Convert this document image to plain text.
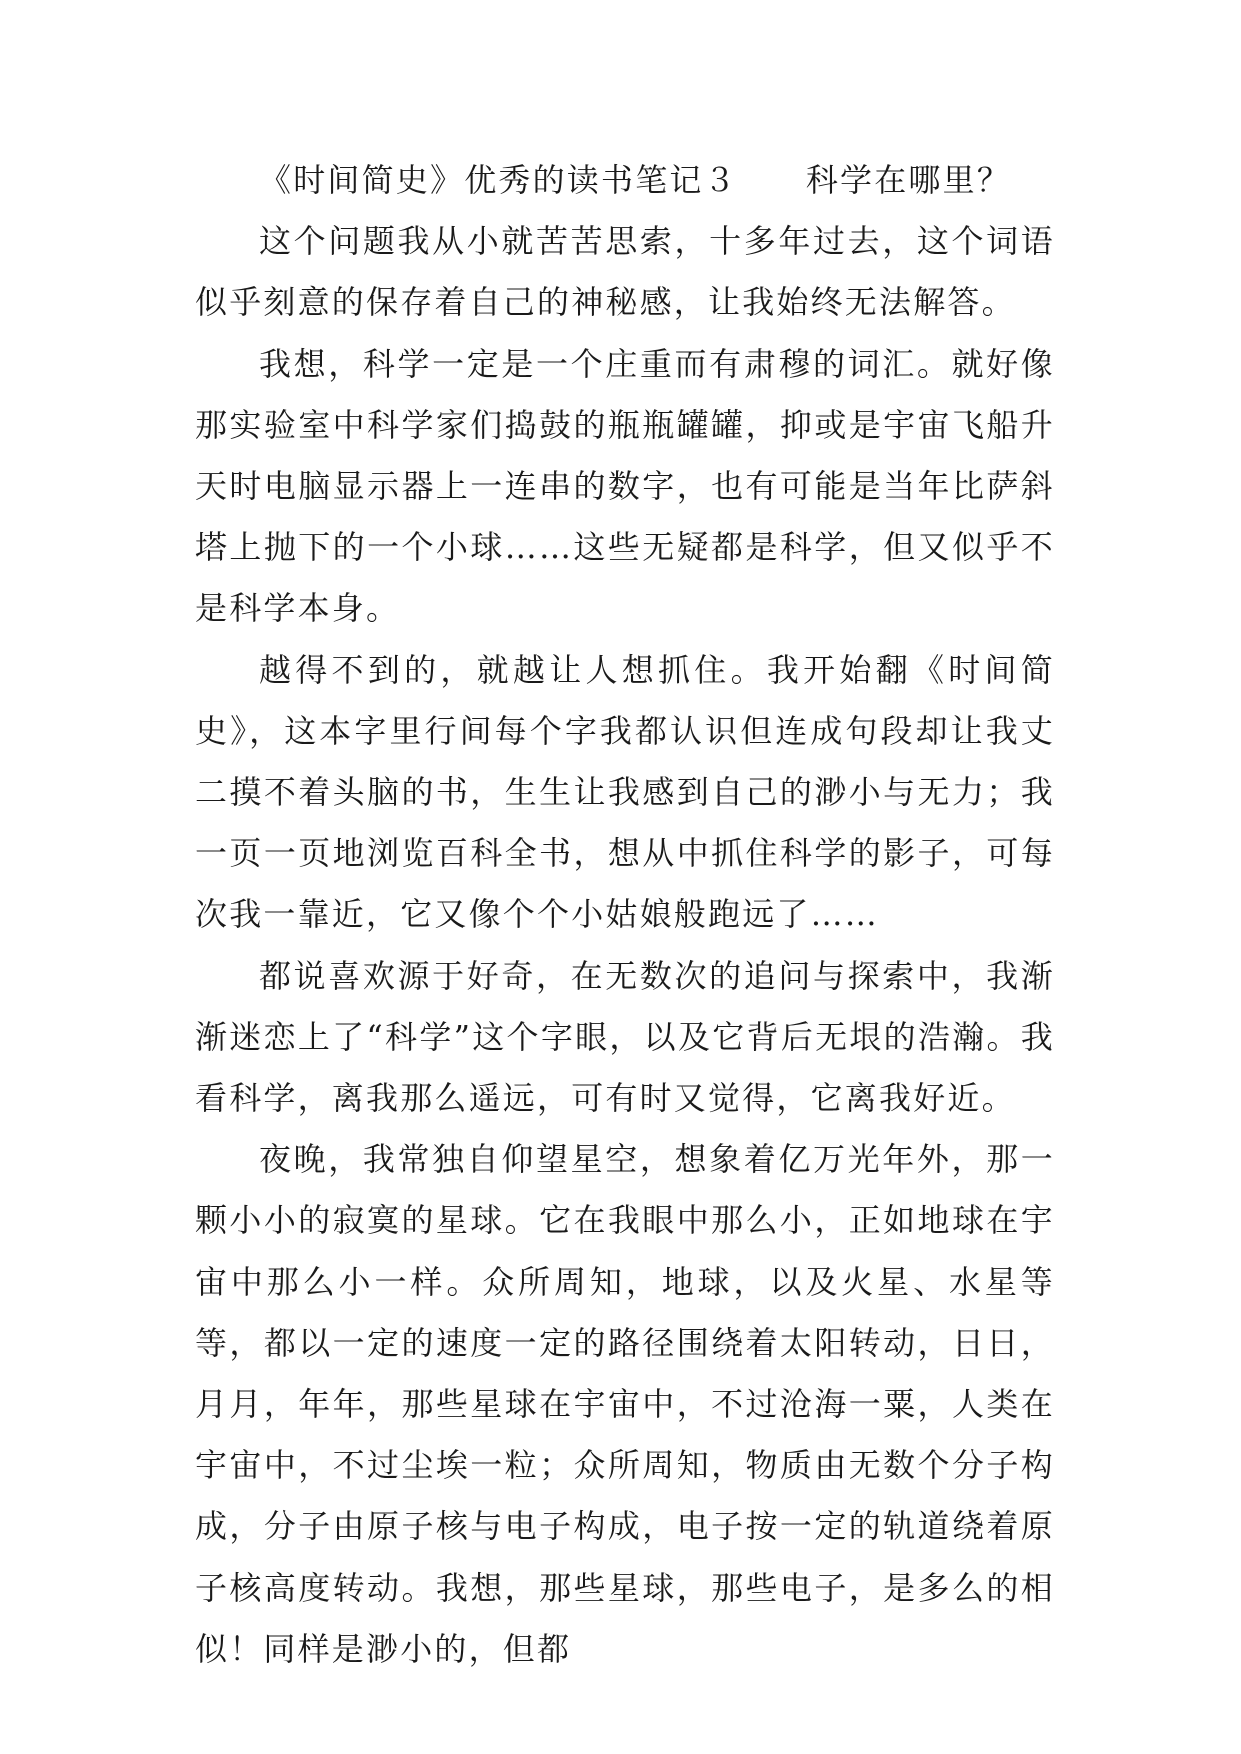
《时间简史》优秀的读书笔记３ 科学在哪里？

这个问题我从小就苦苦思索，十多年过去，这个词语似乎刻意的保存着自己的神秘感，让我始终无法解答。

我想，科学一定是一个庄重而有肃穆的词汇。就好像那实验室中科学家们捣鼓的瓶瓶罐罐，抑或是宇宙飞船升天时电脑显示器上一连串的数字，也有可能是当年比萨斜塔上抛下的一个小球……这些无疑都是科学，但又似乎不是科学本身。

越得不到的，就越让人想抓住。我开始翻《时间简史》，这本字里行间每个字我都认识但连成句段却让我丈二摸不着头脑的书，生生让我感到自己的渺小与无力；我一页一页地浏览百科全书，想从中抓住科学的影子，可每次我一靠近，它又像个个小姑娘般跑远了……

都说喜欢源于好奇，在无数次的追问与探索中，我渐渐迷恋上了“科学”这个字眼，以及它背后无垠的浩瀚。我看科学，离我那么遥远，可有时又觉得，它离我好近。

夜晚，我常独自仰望星空，想象着亿万光年外，那一颗小小的寂寞的星球。它在我眼中那么小，正如地球在宇宙中那么小一样。众所周知，地球，以及火星、水星等等，都以一定的速度一定的路径围绕着太阳转动，日日，月月，年年，那些星球在宇宙中，不过沧海一粟，人类在宇宙中，不过尘埃一粒；众所周知，物质由无数个分子构成，分子由原子核与电子构成，电子按一定的轨道绕着原子核高度转动。我想，那些星球，那些电子，是多么的相似！同样是渺小的，但都
